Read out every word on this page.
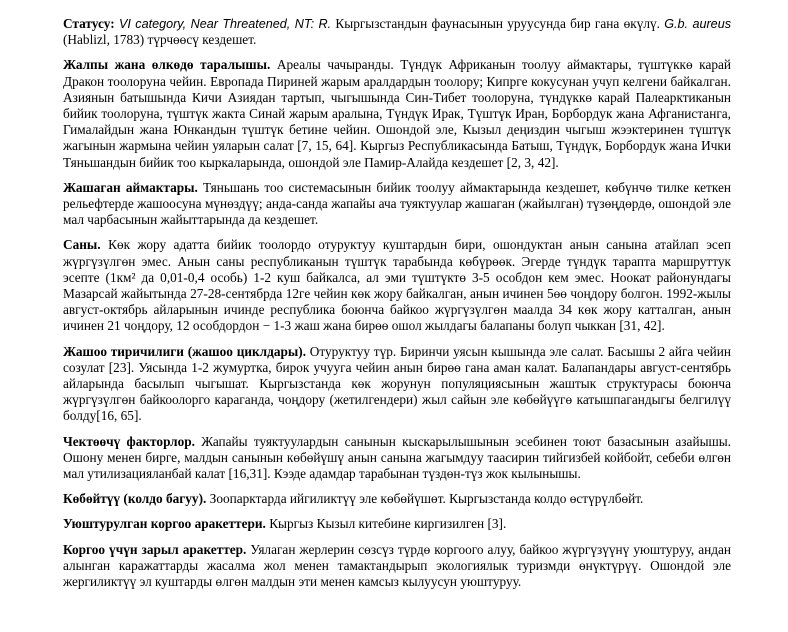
Статусу: VI category, Near Threatened, NT: R. Кыргызстандын фаунасынын уруусунда бир гана өкүлү. G.b. aureus (Hablizl, 1783) түрчөөсү кездешет.

Жалпы жана өлкөдө таралышы. Ареалы чачыранды. Түндүк Африканын тоолуу аймактары, түштүккө карай Дракон тоолоруна чейин. Европада Пириней жарым аралдардын тоолору; Кипрге кокусунан учуп келгени байкалган. Азиянын батышында Кичи Азиядан тартып, чыгышында Син-Тибет тоолоруна, түндүккө карай Палеарктиканын бийик тоолоруна, түштүк жакта Синай жарым аралына, Түндүк Ирак, Түштүк Иран, Борбордук жана Афганистанга, Гималайдын жана Юнкандын түштүк бетине чейин. Ошондой эле, Кызыл деңиздин чыгыш жээктеринен түштүк жагынын жармына чейин уяларын салат [7, 15, 64]. Кыргыз Республикасында Батыш, Түндүк, Борбордук жана Ички Тяньшандын бийик тоо кыркаларында, ошондой эле Памир-Алайда кездешет [2, 3, 42].

Жашаган аймактары. Тяньшань тоо системасынын бийик тоолуу аймактарында кездешет, көбүнчө тилке кеткен рельефтерде жашоосуна мүнөздүү; анда-санда жапайы ача туяктуулар жашаган (жайылган) түзөңдөрдө, ошондой эле мал чарбасынын жайыттарында да кездешет.

Саны. Көк жору адатта бийик тоолордо отуруктуу куштардын бири, ошондуктан анын санына атайлап эсеп жүргүзүлгөн эмес. Анын саны республиканын түштүк тарабында көбүрөөк. Эгерде түндүк тарапта маршруттук эсепте (1км² да 0,01-0,4 особь) 1-2 куш байкалса, ал эми түштүктө 3-5 особдон кем эмес. Ноокат районундагы Мазарсай жайытында 27-28-сентябрда 12ге чейин көк жору байкалган, анын ичинен 5өө чоңдору болгон. 1992-жылы август-октябрь айларынын ичинде республика боюнча байкоо жүргүзүлгөн маалда 34 көк жору катталган, анын ичинен 21 чоңдору, 12 особдордон − 1-3 жаш жана бирөө ошол жылдагы балапаны болуп чыккан [31, 42].

Жашоо тиричилиги (жашоо циклдары). Отуруктуу түр. Биринчи уясын кышында эле салат. Басышы 2 айга чейин созулат [23]. Уясында 1-2 жумуртка, бирок учууга чейин анын бирөө гана аман калат. Балапандары август-сентябрь айларында басылып чыгышат. Кыргызстанда көк жорунун популяциясынын жаштык структурасы боюнча жүргүзүлгөн байкоолорго караганда, чоңдору (жетилгендери) жыл сайын эле көбөйүүгө катышпагандыгы белгилүү болду[16, 65].

Чектөөчү факторлор. Жапайы туяктуулардын санынын кыскарылышынын эсебинен тоют базасынын азайышы. Ошону менен бирге, малдын санынын көбөйүшү анын санына жагымдуу таасирин тийгизбей койбойт, себеби өлгөн мал утилизацияланбай калат [16,31]. Кээде адамдар тарабынан түздөн-түз жок кылынышы.

Көбөйтүү (колдо багуу). Зоопарктарда ийгиликтүү эле көбөйүшөт. Кыргызстанда колдо өстүрүлбөйт.

Уюштурулган коргоо аракеттери. Кыргыз Кызыл китебине киргизилген [3].

Коргоо үчүн зарыл аракеттер. Уялаган жерлерин сөзсүз түрдө коргоого алуу, байкоо жүргүзүүнү уюштуруу, андан алынган каражаттарды жасалма жол менен тамактандырып экологиялык туризмди өнүктүрүү. Ошондой эле жергиликтүү эл куштарды өлгөн малдын эти менен камсыз кылуусун уюштуруу.
